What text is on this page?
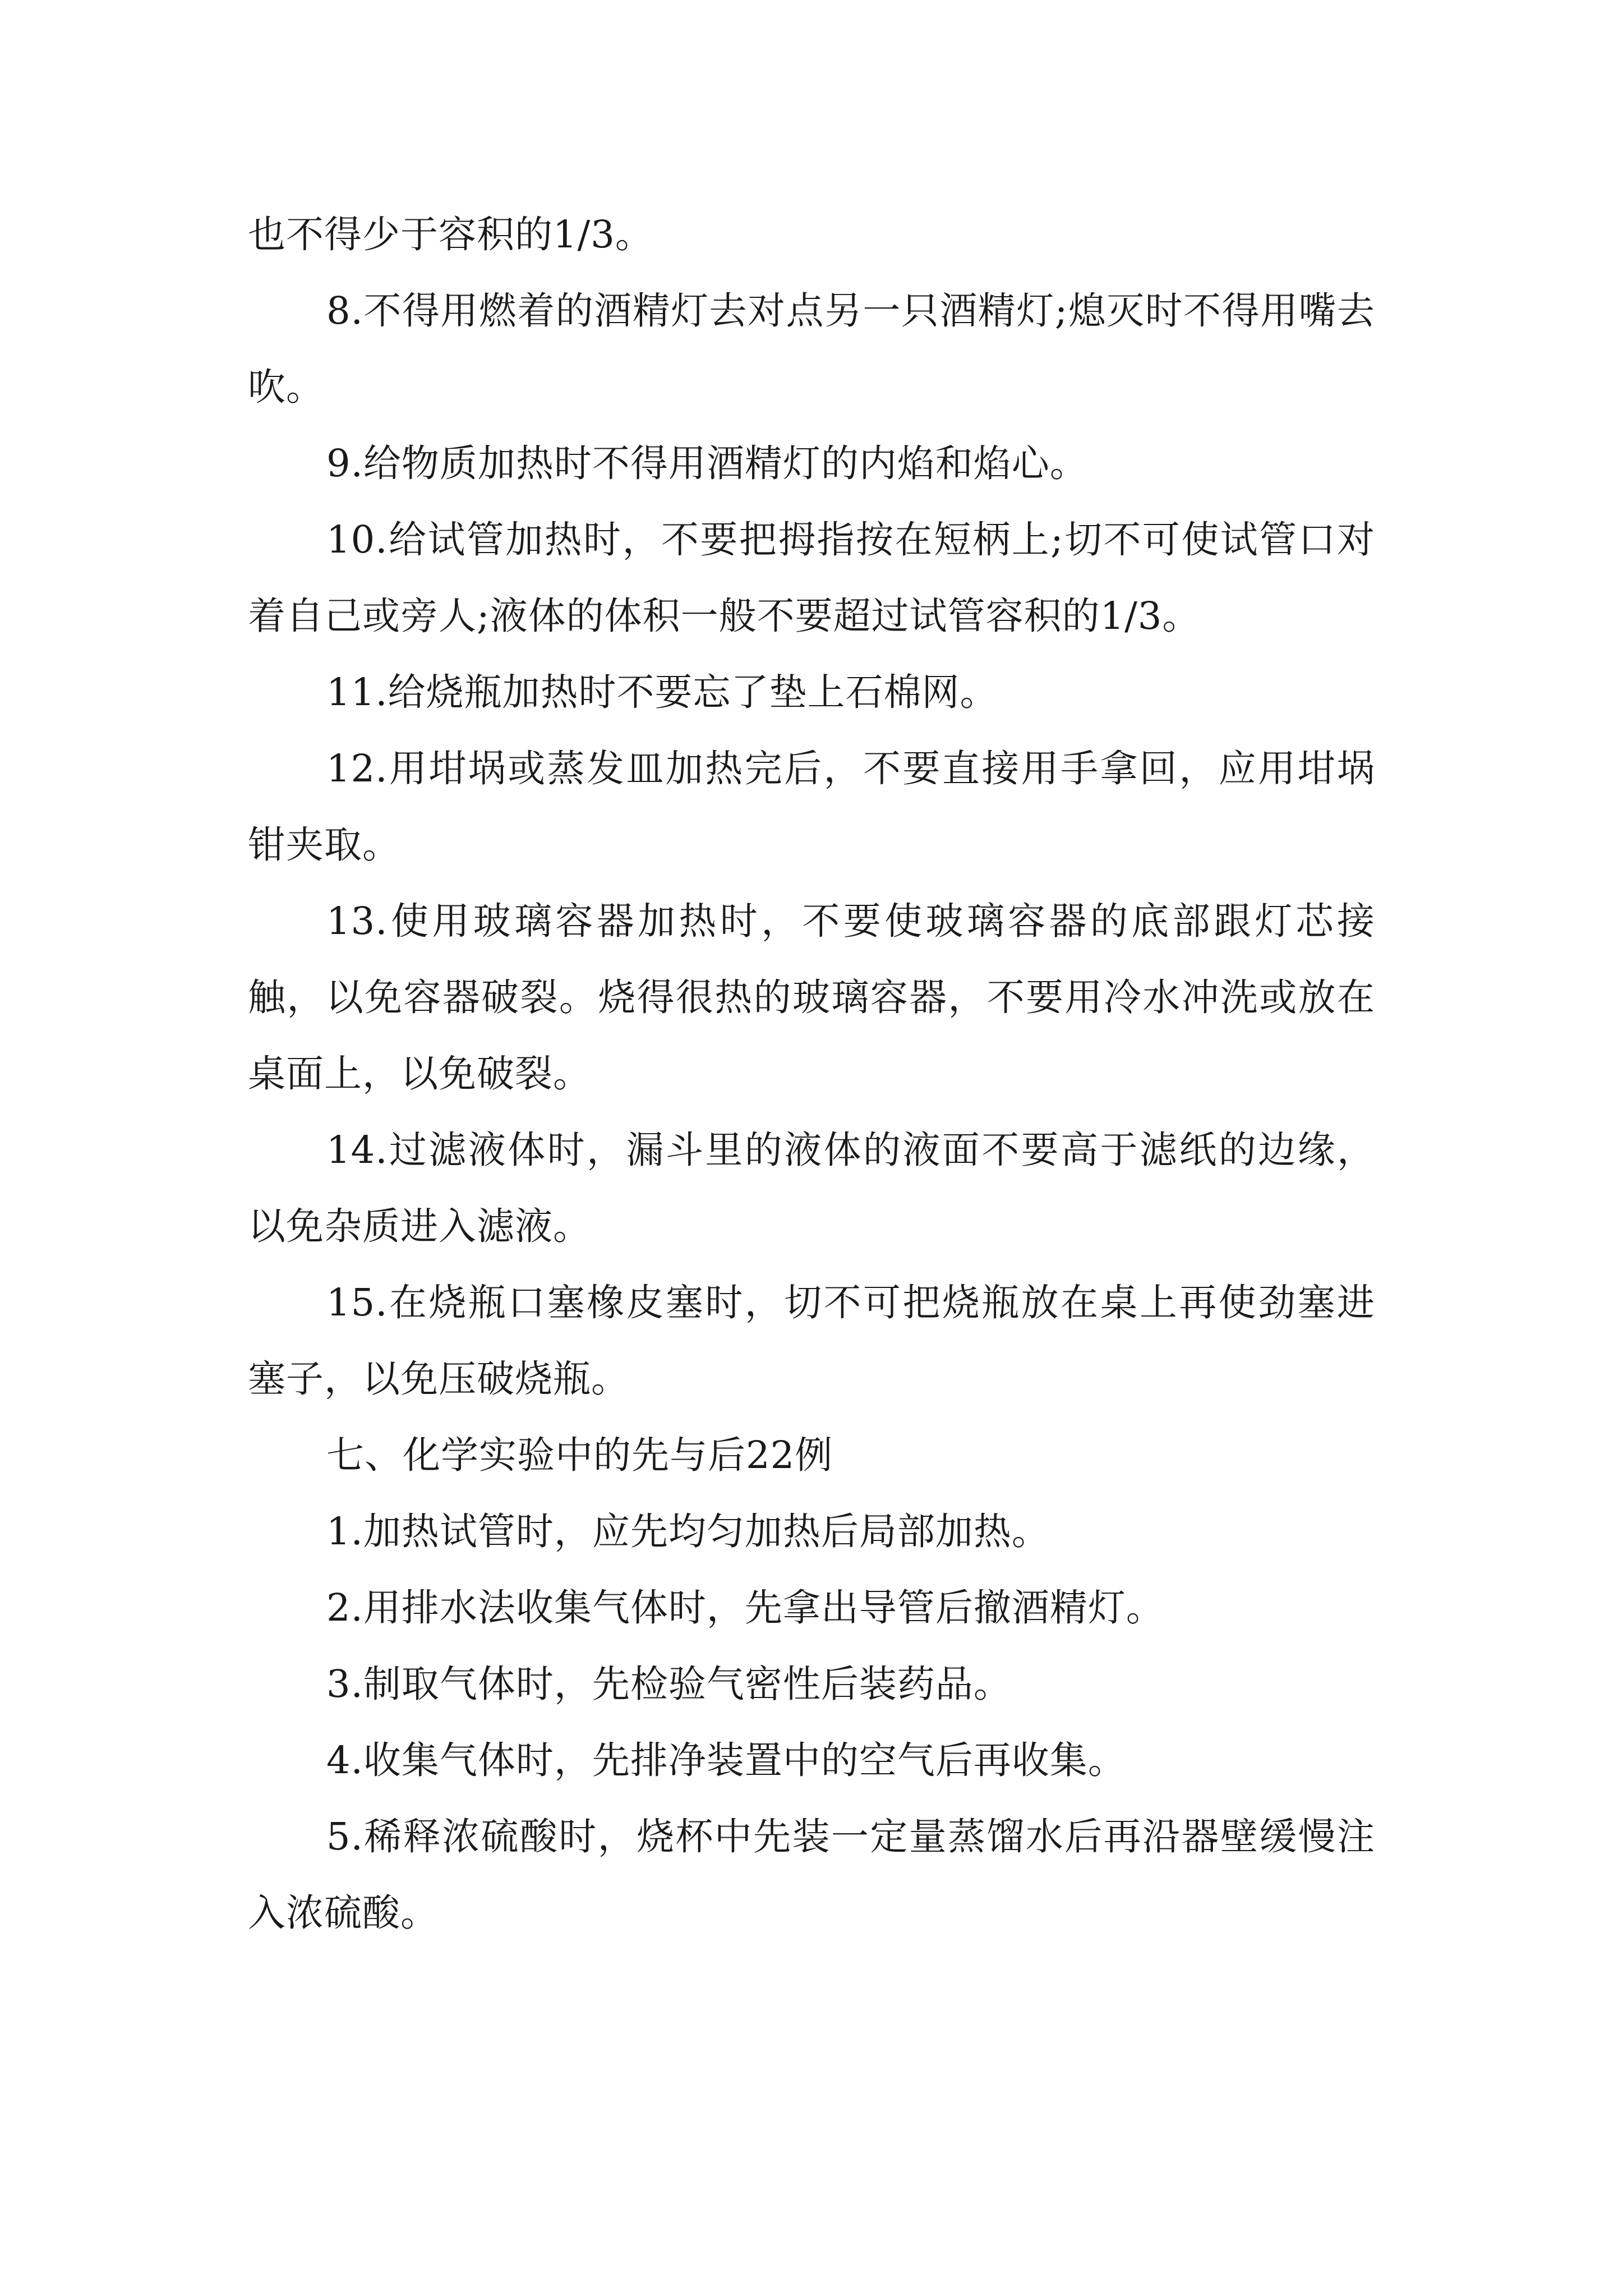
也不得少于容积的1/3。

8.不得用燃着的酒精灯去对点另一只酒精灯;熄灭时不得用嘴去吹。

9.给物质加热时不得用酒精灯的内焰和焰心。

10.给试管加热时，不要把拇指按在短柄上;切不可使试管口对着自己或旁人;液体的体积一般不要超过试管容积的1/3。

11.给烧瓶加热时不要忘了垫上石棉网。

12.用坩埚或蒸发皿加热完后，不要直接用手拿回，应用坩埚钳夹取。

13.使用玻璃容器加热时，不要使玻璃容器的底部跟灯芯接触，以免容器破裂。烧得很热的玻璃容器，不要用冷水冲洗或放在桌面上，以免破裂。

14.过滤液体时，漏斗里的液体的液面不要高于滤纸的边缘，以免杂质进入滤液。

15.在烧瓶口塞橡皮塞时，切不可把烧瓶放在桌上再使劲塞进塞子，以免压破烧瓶。

七、化学实验中的先与后22例

1.加热试管时，应先均匀加热后局部加热。

2.用排水法收集气体时，先拿出导管后撤酒精灯。

3.制取气体时，先检验气密性后装药品。

4.收集气体时，先排净装置中的空气后再收集。

5.稀释浓硫酸时，烧杯中先装一定量蒸馏水后再沿器壁缓慢注入浓硫酸。
